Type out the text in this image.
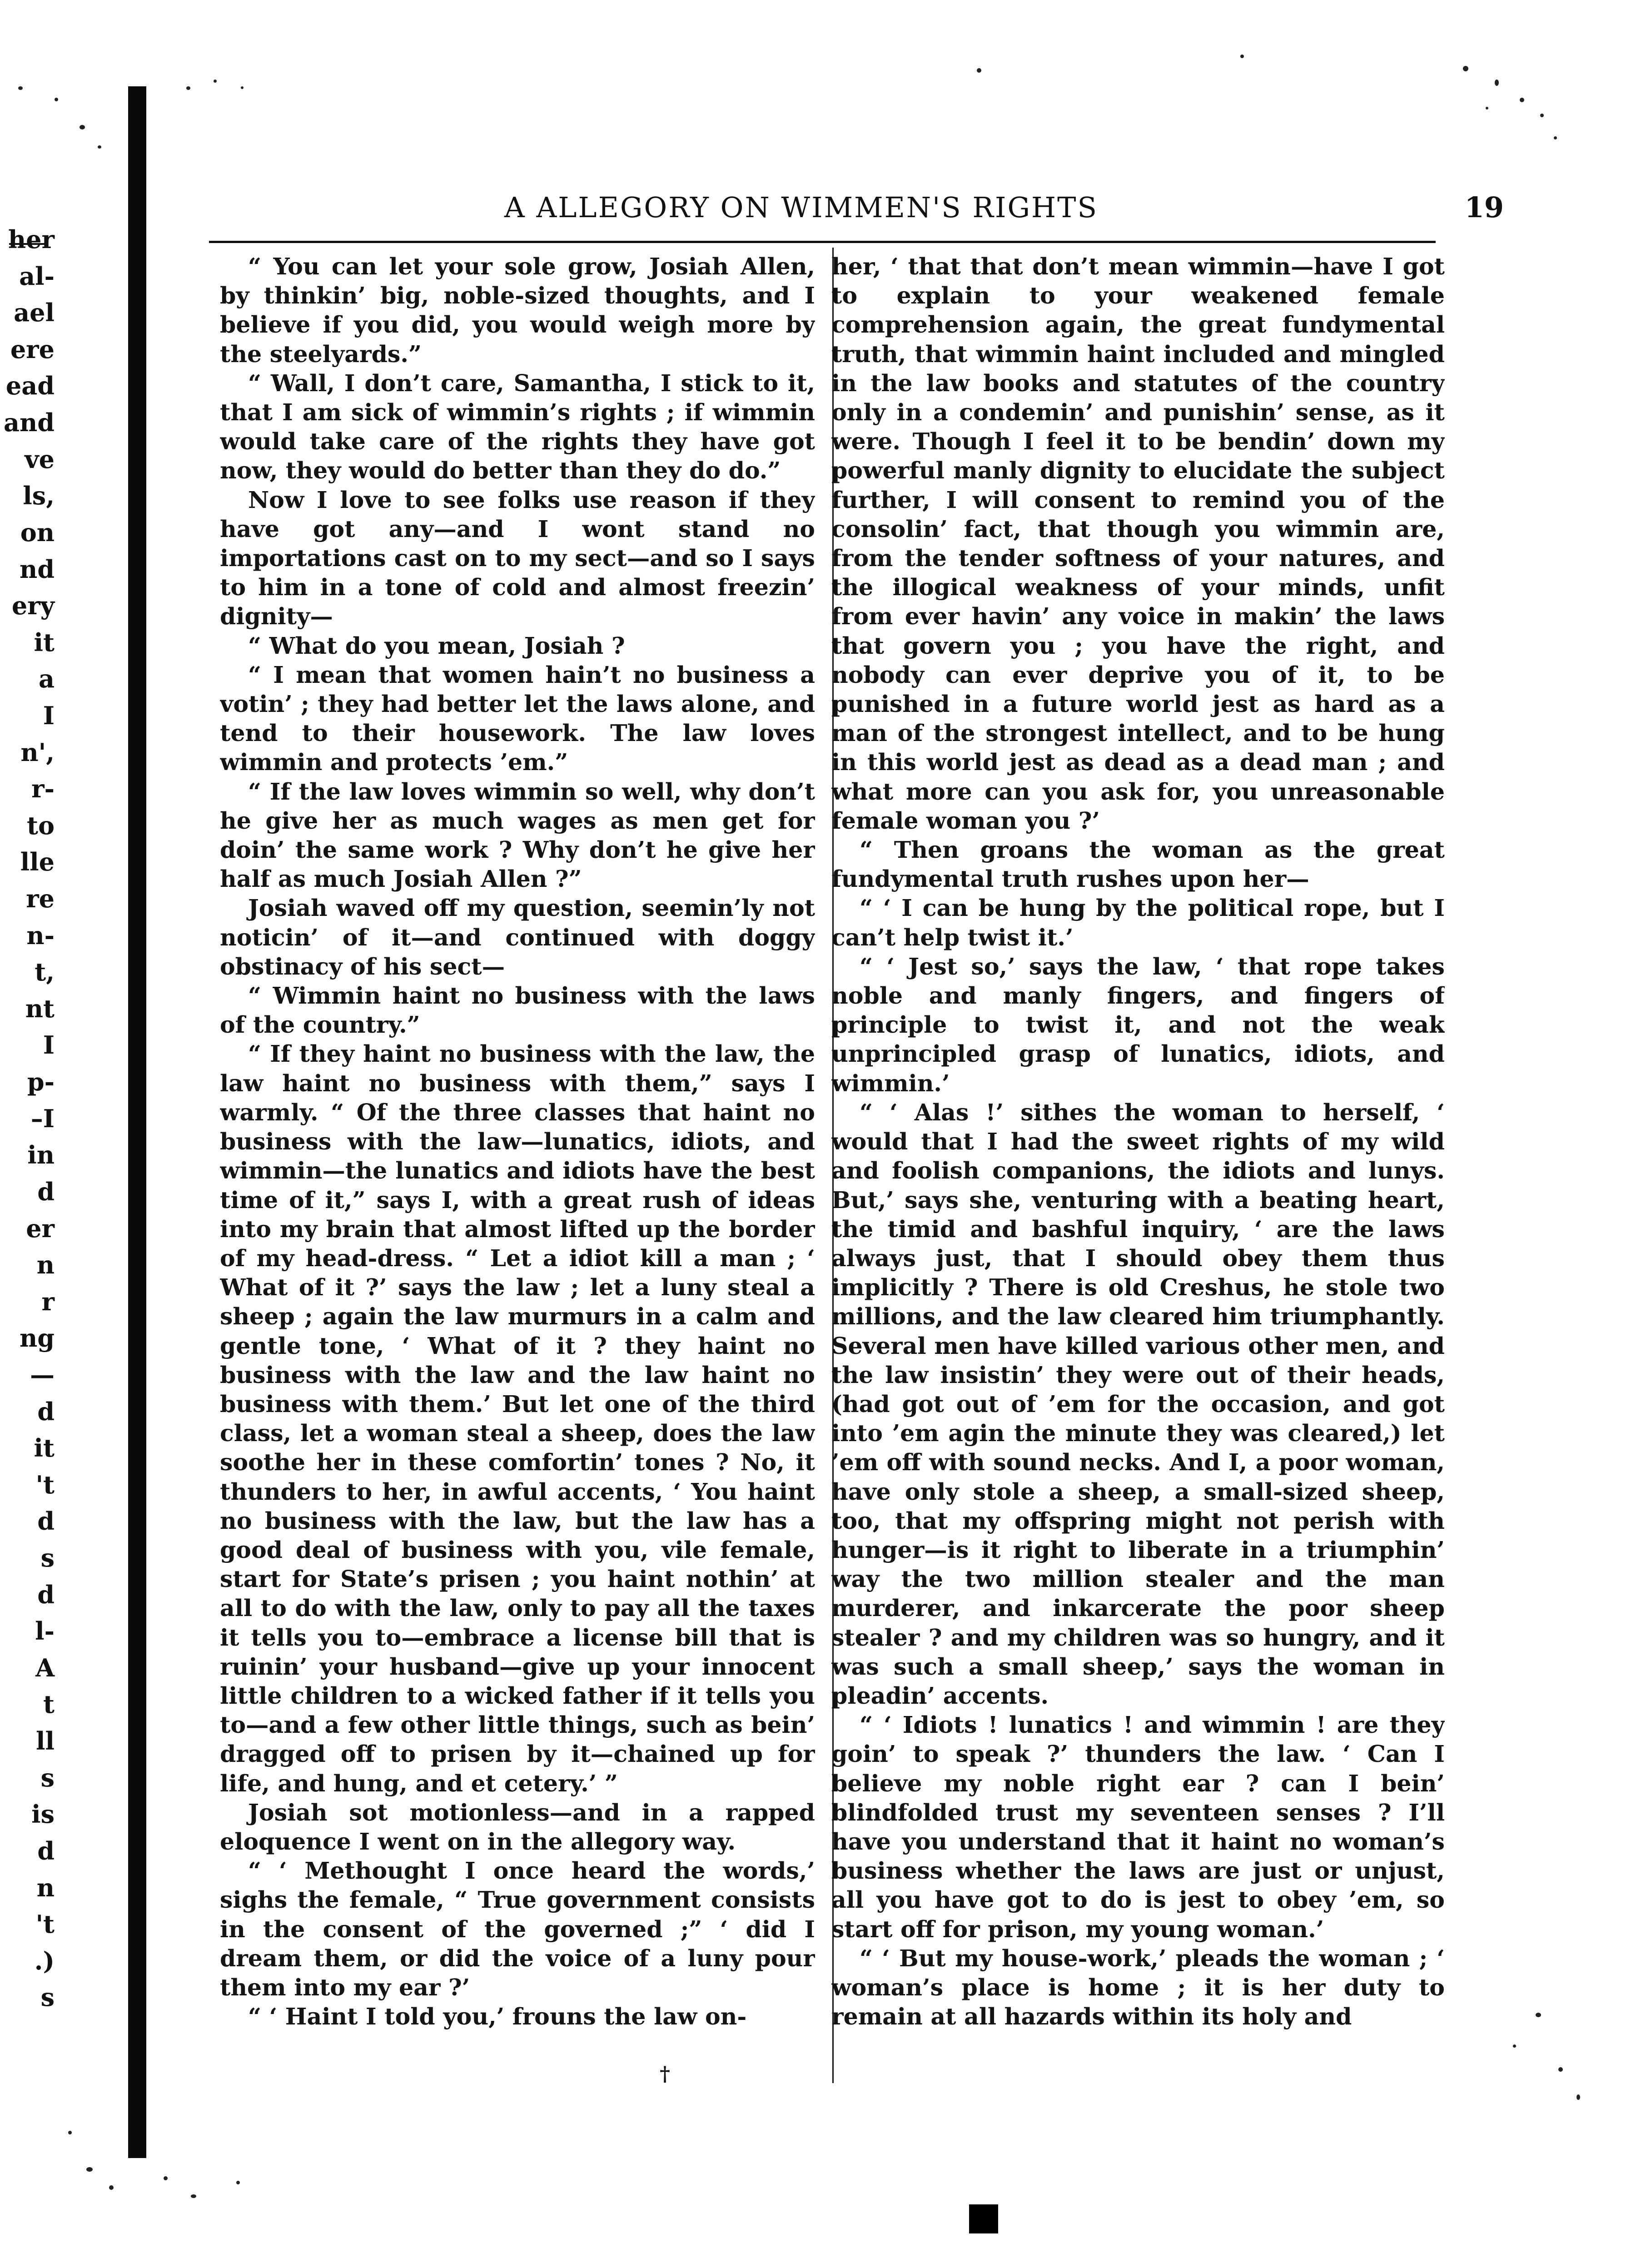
her
al-
ael
ere
ead
and
ve
ls,
on
nd
ery
it
a
I
n',
r-
to
lle
re
n-
t,
nt
I
p-
–I
in
d
er
n
r
ng
—
d
it
't
d
s
d
l-
A
t
ll
s
is
d
n
't
.)
s
A ALLEGORY ON WIMMEN'S RIGHTS	19

“ You can let your sole grow, Josiah Allen, by thinkin’ big, noble-sized thoughts, and I believe if you did, you would weigh more by the steelyards.”

“ Wall, I don’t care, Samantha, I stick to it, that I am sick of wimmin’s rights ; if wimmin would take care of the rights they have got now, they would do better than they do do.”

Now I love to see folks use reason if they have got any—and I wont stand no importations cast on to my sect—and so I says to him in a tone of cold and almost freezin’ dignity—

“ What do you mean, Josiah ?

“ I mean that women hain’t no business a votin’ ; they had better let the laws alone, and tend to their housework. The law loves wimmin and protects ’em.”

“ If the law loves wimmin so well, why don’t he give her as much wages as men get for doin’ the same work ? Why don’t he give her half as much Josiah Allen ?”

Josiah waved off my question, seemin’ly not noticin’ of it—and continued with doggy obstinacy of his sect—

“ Wimmin haint no business with the laws of the country.”

“ If they haint no business with the law, the law haint no business with them,” says I warmly. “ Of the three classes that haint no business with the law—lunatics, idiots, and wimmin—the lunatics and idiots have the best time of it,” says I, with a great rush of ideas into my brain that almost lifted up the border of my head-dress. “ Let a idiot kill a man ; ‘ What of it ?’ says the law ; let a luny steal a sheep ; again the law murmurs in a calm and gentle tone, ‘ What of it ? they haint no business with the law and the law haint no business with them.’ But let one of the third class, let a woman steal a sheep, does the law soothe her in these comfortin’ tones ? No, it thunders to her, in awful accents, ‘ You haint no business with the law, but the law has a good deal of business with you, vile female, start for State’s prisen ; you haint nothin’ at all to do with the law, only to pay all the taxes it tells you to—embrace a license bill that is ruinin’ your husband—give up your innocent little children to a wicked father if it tells you to—and a few other little things, such as bein’ dragged off to prisen by it—chained up for life, and hung, and et cetery.’ ”

Josiah sot motionless—and in a rapped eloquence I went on in the allegory way.

“ ‘ Methought I once heard the words,’ sighs the female, “ True government consists in the consent of the governed ;” ‘ did I dream them, or did the voice of a luny pour them into my ear ?’

“ ‘ Haint I told you,’ frouns the law on-

her, ‘ that that don’t mean wimmin—have I got to explain to your weakened female comprehension again, the great fundymental truth, that wimmin haint included and mingled in the law books and statutes of the country only in a condemin’ and punishin’ sense, as it were. Though I feel it to be bendin’ down my powerful manly dignity to elucidate the subject further, I will consent to remind you of the consolin’ fact, that though you wimmin are, from the tender softness of your natures, and the illogical weakness of your minds, unfit from ever havin’ any voice in makin’ the laws that govern you ; you have the right, and nobody can ever deprive you of it, to be punished in a future world jest as hard as a man of the strongest intellect, and to be hung in this world jest as dead as a dead man ; and what more can you ask for, you unreasonable female woman you ?’

“ Then groans the woman as the great fundymental truth rushes upon her—

“ ‘ I can be hung by the political rope, but I can’t help twist it.’

“ ‘ Jest so,’ says the law, ‘ that rope takes noble and manly fingers, and fingers of principle to twist it, and not the weak unprincipled grasp of lunatics, idiots, and wimmin.’

“ ‘ Alas !’ sithes the woman to herself, ‘ would that I had the sweet rights of my wild and foolish companions, the idiots and lunys. But,’ says she, venturing with a beating heart, the timid and bashful inquiry, ‘ are the laws always just, that I should obey them thus implicitly ? There is old Creshus, he stole two millions, and the law cleared him triumphantly. Several men have killed various other men, and the law insistin’ they were out of their heads, (had got out of ’em for the occasion, and got into ’em agin the minute they was cleared,) let ’em off with sound necks. And I, a poor woman, have only stole a sheep, a small-sized sheep, too, that my offspring might not perish with hunger—is it right to liberate in a triumphin’ way the two million stealer and the man murderer, and inkarcerate the poor sheep stealer ? and my children was so hungry, and it was such a small sheep,’ says the woman in pleadin’ accents.

“ ‘ Idiots ! lunatics ! and wimmin ! are they goin’ to speak ?’ thunders the law. ‘ Can I believe my noble right ear ? can I bein’ blindfolded trust my seventeen senses ? I’ll have you understand that it haint no woman’s business whether the laws are just or unjust, all you have got to do is jest to obey ’em, so start off for prison, my young woman.’

“ ‘ But my house-work,’ pleads the woman ; ‘ woman’s place is home ; it is her duty to remain at all hazards within its holy and

†
